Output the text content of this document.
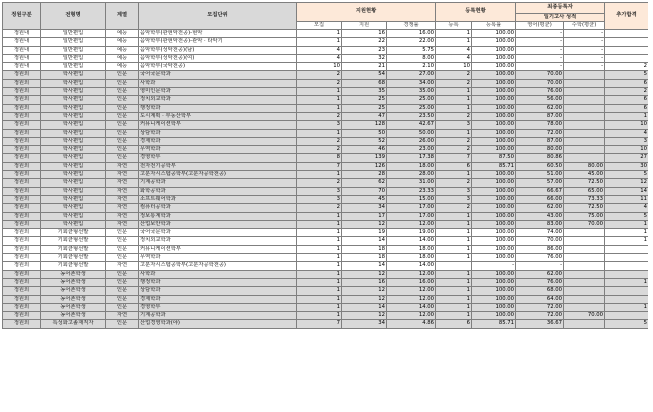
정원구분	전형명	계열	모집단위	지원현황			등록현황		최종등록자		추가합격
									일기고사 성적		
				모집	지원	경쟁률	등록	등록률	영어(평균)	수학(평균)	
정원내	일반편입	예능	음악학부(관현악전공)-현악	1	16	16.00	1	100.00	-	-	
정원내	일반편입	예능	음악학부(관현악전공)-관악 · 타악기	1	22	22.00	1	100.00	-	-	
정원내	일반편입	예능	음악학부(성악전공)(남)	4	23	5.75	4	100.00	-	-	
정원내	일반편입	예능	음악학부(성악전공)(여)	4	32	8.00	4	100.00	-	-	
정원내	일반편입	예능	음악학부(국악전공)	10	21	2.10	10	100.00	-	-	2
정원외	학사편입	인문	국어국문학과	2	54	27.00	2	100.00	70.00		5
정원외	학사편입	인문	사학과	2	68	34.00	2	100.00	70.00		6
정원외	학사편입	인문	영미인문학과	1	35	35.00	1	100.00	76.00		2
정원외	학사편입	인문	정치외교학과	1	25	25.00	1	100.00	56.00		6
정원외	학사편입	인문	행정학과	1	25	25.00	1	100.00	62.00		6
정원외	학사편입	인문	도시계획 · 부동산학부	2	47	23.50	2	100.00	87.00		1
정원외	학사편입	인문	커뮤니케이션학부	3	128	42.67	3	100.00	78.00		10
정원외	학사편입	인문	상담학과	1	50	50.00	1	100.00	72.00		4
정원외	학사편입	인문	경제학과	2	52	26.00	2	100.00	87.00		3
정원외	학사편입	인문	무역학과	2	46	23.00	2	100.00	80.00		10
정원외	학사편입	인문	경영학부	8	139	17.38	7	87.50	80.86		27
정원외	학사편입	자연	전자전기공학부	7	126	18.00	6	85.71	60.50	80.00	30
정원외	학사편입	자연	고분자시스템공학부(고분자공학전공)	1	28	28.00	1	100.00	51.00	45.00	5
정원외	학사편입	자연	기계공학과	2	62	31.00	2	100.00	57.00	72.50	12
정원외	학사편입	자연	화학공학과	3	70	23.33	3	100.00	66.67	65.00	14
정원외	학사편입	자연	소프트웨어학과	3	45	15.00	3	100.00	66.00	73.33	11
정원외	학사편입	자연	컴퓨터공학과	2	34	17.00	2	100.00	62.00	72.50	4
정원외	학사편입	자연	정보통계학과	1	17	17.00	1	100.00	43.00	75.00	5
정원외	학사편입	자연	산업보안학과	1	12	12.00	1	100.00	83.00	70.00	1
정원외	기회균형선발	인문	국어국문학과	1	19	19.00	1	100.00	74.00		1
정원외	기회균형선발	인문	정치외교학과	1	14	14.00	1	100.00	70.00		1
정원외	기회균형선발	인문	커뮤니케이션학부	1	18	18.00	1	100.00	86.00		
정원외	기회균형선발	인문	무역학과	1	18	18.00	1	100.00	76.00		
정원외	기회균형선발	자연	고분자시스템공학부(고분자공학전공)	1	14	14.00		-	-		
정원외	농어촌학생	인문	사학과	1	12	12.00	1	100.00	62.00		
정원외	농어촌학생	인문	행정학과	1	16	16.00	1	100.00	76.00		1
정원외	농어촌학생	인문	상담학과	1	12	12.00	1	100.00	68.00		
정원외	농어촌학생	인문	경제학과	1	12	12.00	1	100.00	64.00		
정원외	농어촌학생	인문	경영학부	1	14	14.00	1	100.00	72.00		1
정원외	농어촌학생	자연	기계공학과	1	12	12.00	1	100.00	72.00	70.00	
정원외	특성화고졸재직자	인문	산업경영학과(야)	7	34	4.86	6	85.71	36.67		5
